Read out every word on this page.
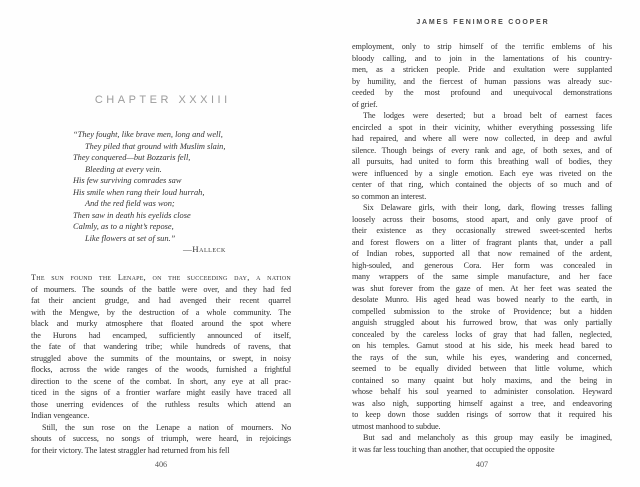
CHAPTER XXXIII
“They fought, like brave men, long and well,
They piled that ground with Muslim slain,
They conquered—but Bozzaris fell,
Bleeding at every vein.
His few surviving comrades saw
His smile when rang their loud hurrah,
And the red field was won;
Then saw in death his eyelids close
Calmly, as to a night’s repose,
Like flowers at set of sun.”
—Halleck
The sun found the Lenape, on the succeeding day, a nation
of mourners. The sounds of the battle were over, and they had fed
fat their ancient grudge, and had avenged their recent quarrel
with the Mengwe, by the destruction of a whole community. The
black and murky atmosphere that floated around the spot where
the Hurons had encamped, sufficiently announced of itself,
the fate of that wandering tribe; while hundreds of ravens, that
struggled above the summits of the mountains, or swept, in noisy
flocks, across the wide ranges of the woods, furnished a frightful
direction to the scene of the combat. In short, any eye at all prac-
ticed in the signs of a frontier warfare might easily have traced all
those unerring evidences of the ruthless results which attend an
Indian vengeance.
Still, the sun rose on the Lenape a nation of mourners. No
shouts of success, no songs of triumph, were heard, in rejoicings
for their victory. The latest straggler had returned from his fell
406
JAMES FENIMORE COOPER
employment, only to strip himself of the terrific emblems of his
bloody calling, and to join in the lamentations of his country-
men, as a stricken people. Pride and exultation were supplanted
by humility, and the fiercest of human passions was already suc-
ceeded by the most profound and unequivocal demonstrations
of grief.
The lodges were deserted; but a broad belt of earnest faces
encircled a spot in their vicinity, whither everything possessing life
had repaired, and where all were now collected, in deep and awful
silence. Though beings of every rank and age, of both sexes, and of
all pursuits, had united to form this breathing wall of bodies, they
were influenced by a single emotion. Each eye was riveted on the
center of that ring, which contained the objects of so much and of
so common an interest.
Six Delaware girls, with their long, dark, flowing tresses falling
loosely across their bosoms, stood apart, and only gave proof of
their existence as they occasionally strewed sweet-scented herbs
and forest flowers on a litter of fragrant plants that, under a pall
of Indian robes, supported all that now remained of the ardent,
high-souled, and generous Cora. Her form was concealed in
many wrappers of the same simple manufacture, and her face
was shut forever from the gaze of men. At her feet was seated the
desolate Munro. His aged head was bowed nearly to the earth, in
compelled submission to the stroke of Providence; but a hidden
anguish struggled about his furrowed brow, that was only partially
concealed by the careless locks of gray that had fallen, neglected,
on his temples. Gamut stood at his side, his meek head bared to
the rays of the sun, while his eyes, wandering and concerned,
seemed to be equally divided between that little volume, which
contained so many quaint but holy maxims, and the being in
whose behalf his soul yearned to administer consolation. Heyward
was also nigh, supporting himself against a tree, and endeavoring
to keep down those sudden risings of sorrow that it required his
utmost manhood to subdue.
But sad and melancholy as this group may easily be imagined,
it was far less touching than another, that occupied the opposite
407
